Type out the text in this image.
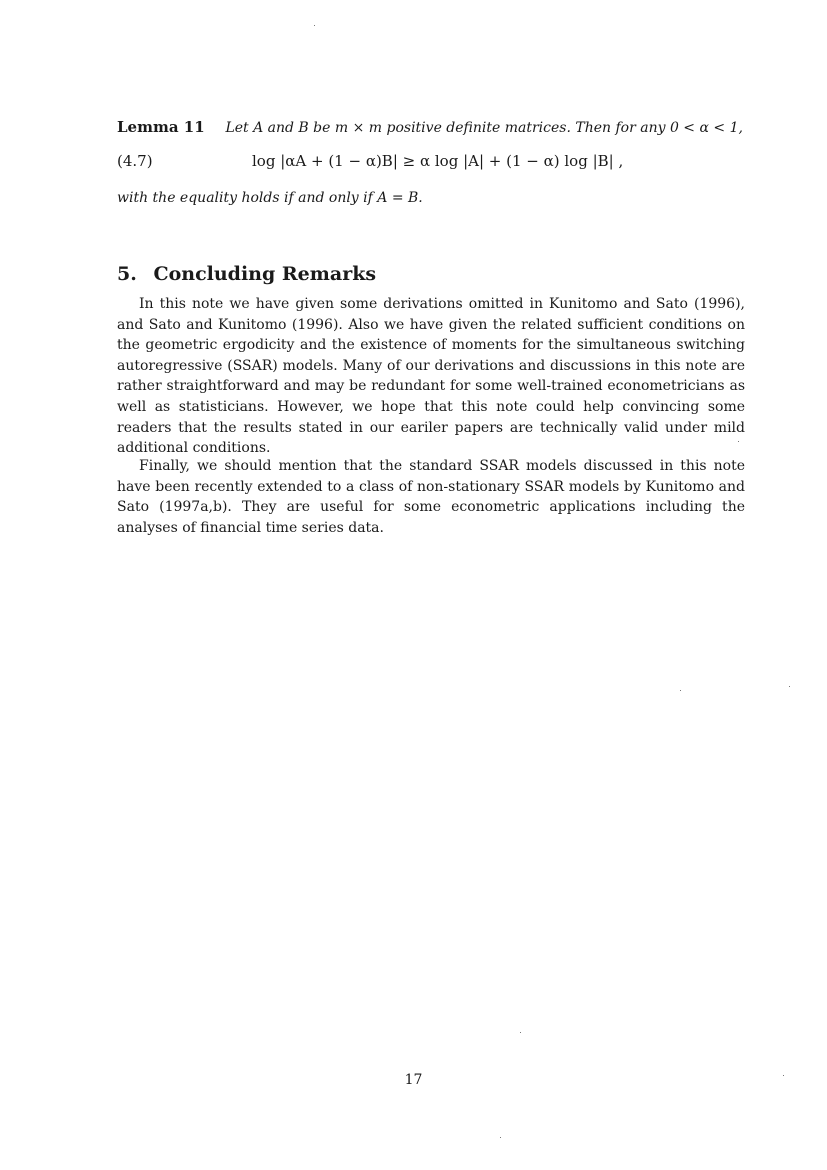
Lemma 11 Let A and B be m × m positive definite matrices. Then for any 0 < α < 1,
(4.7)	log |αA + (1 − α)B| ≥ α log |A| + (1 − α) log |B| ,
with the equality holds if and only if A = B.
5. Concluding Remarks

In this note we have given some derivations omitted in Kunitomo and Sato (1996), and Sato and Kunitomo (1996). Also we have given the related sufficient conditions on the geometric ergodicity and the existence of moments for the simultaneous switching autoregressive (SSAR) models. Many of our derivations and discussions in this note are rather straightforward and may be redundant for some well-trained econometricians as well as statisticians. However, we hope that this note could help convincing some readers that the results stated in our eariler papers are technically valid under mild additional conditions.

Finally, we should mention that the standard SSAR models discussed in this note have been recently extended to a class of non-stationary SSAR models by Kunitomo and Sato (1997a,b). They are useful for some econometric applications including the analyses of financial time series data.

17
